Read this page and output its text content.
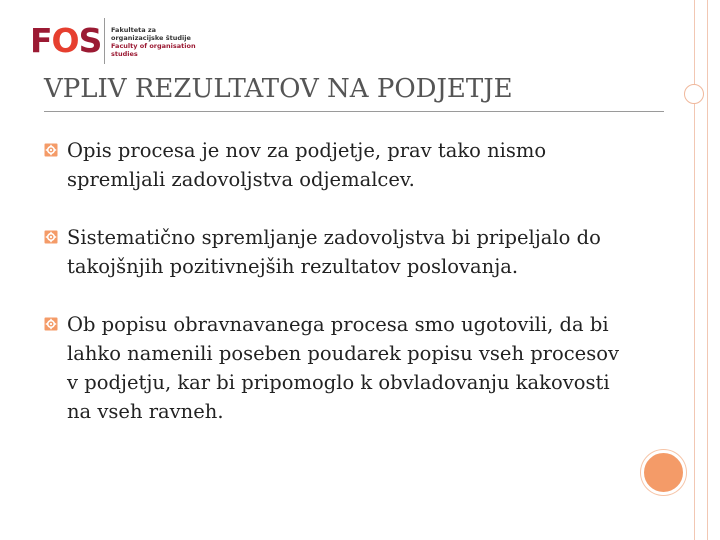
FOS Fakulteta za
organizacijske študije
Faculty of organisation studies
VPLIV REZULTATOV NA PODJETJE
Opis procesa je nov za podjetje, prav tako nismo spremljali zadovoljstva odjemalcev.
Sistematično spremljanje zadovoljstva bi pripeljalo do takojšnjih pozitivnejših rezultatov poslovanja.
Ob popisu obravnavanega procesa smo ugotovili, da bi lahko namenili poseben poudarek popisu vseh procesov v podjetju, kar bi pripomoglo k obvladovanju kakovosti na vseh ravneh.
